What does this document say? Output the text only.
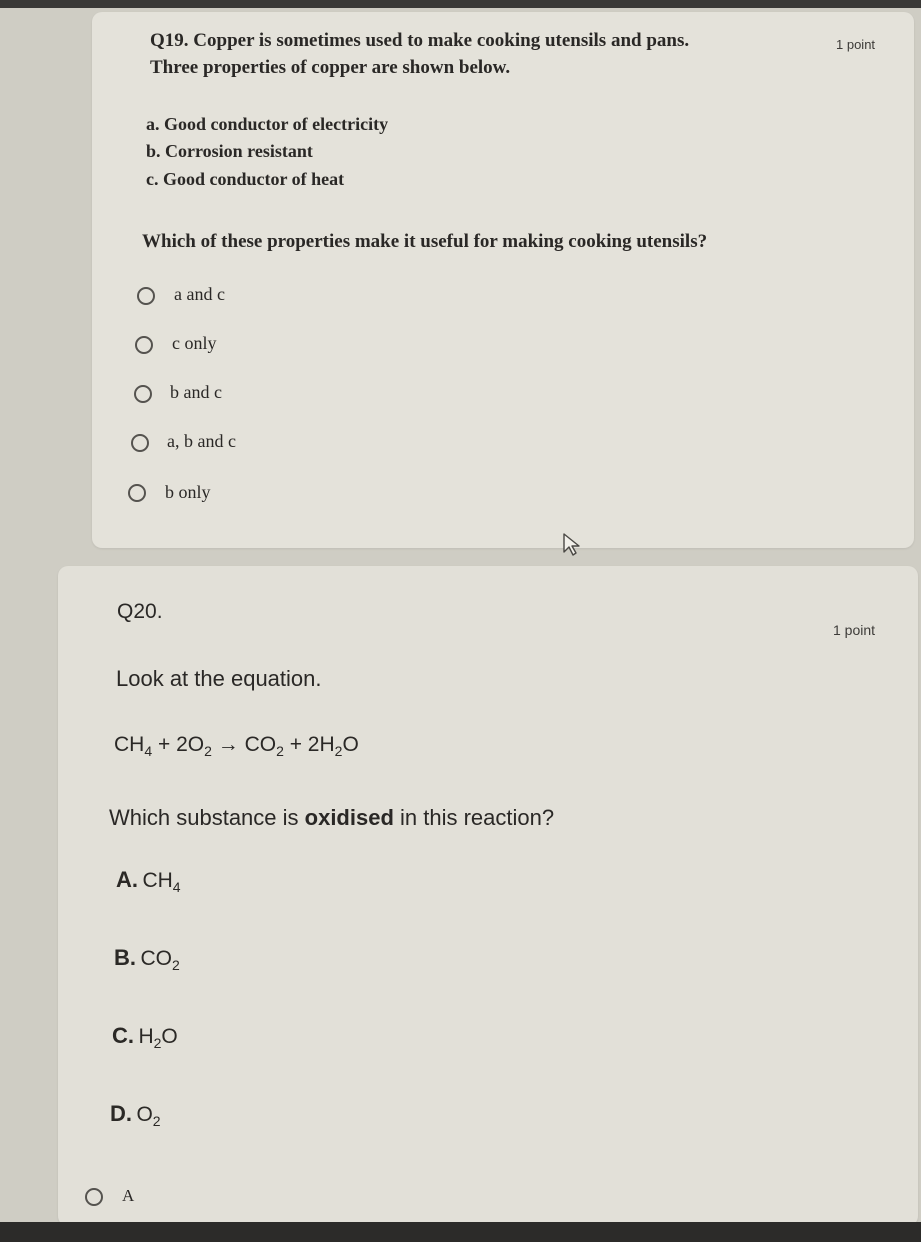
Q19. Copper is sometimes used to make cooking utensils and pans.
Three properties of copper are shown below.
1 point
a. Good conductor of electricity
b. Corrosion resistant
c. Good conductor of heat
Which of these properties make it useful for making cooking utensils?
a and c
c only
b and c
a, b and c
b only
Q20.
1 point
Look at the equation.
$CH_4 + 2O_2 \to CO_2 + 2H_2O$
Which substance is oxidised in this reaction?
A. $CH_4$
B. $CO_2$
C. $H_2O$
D. $O_2$
A
